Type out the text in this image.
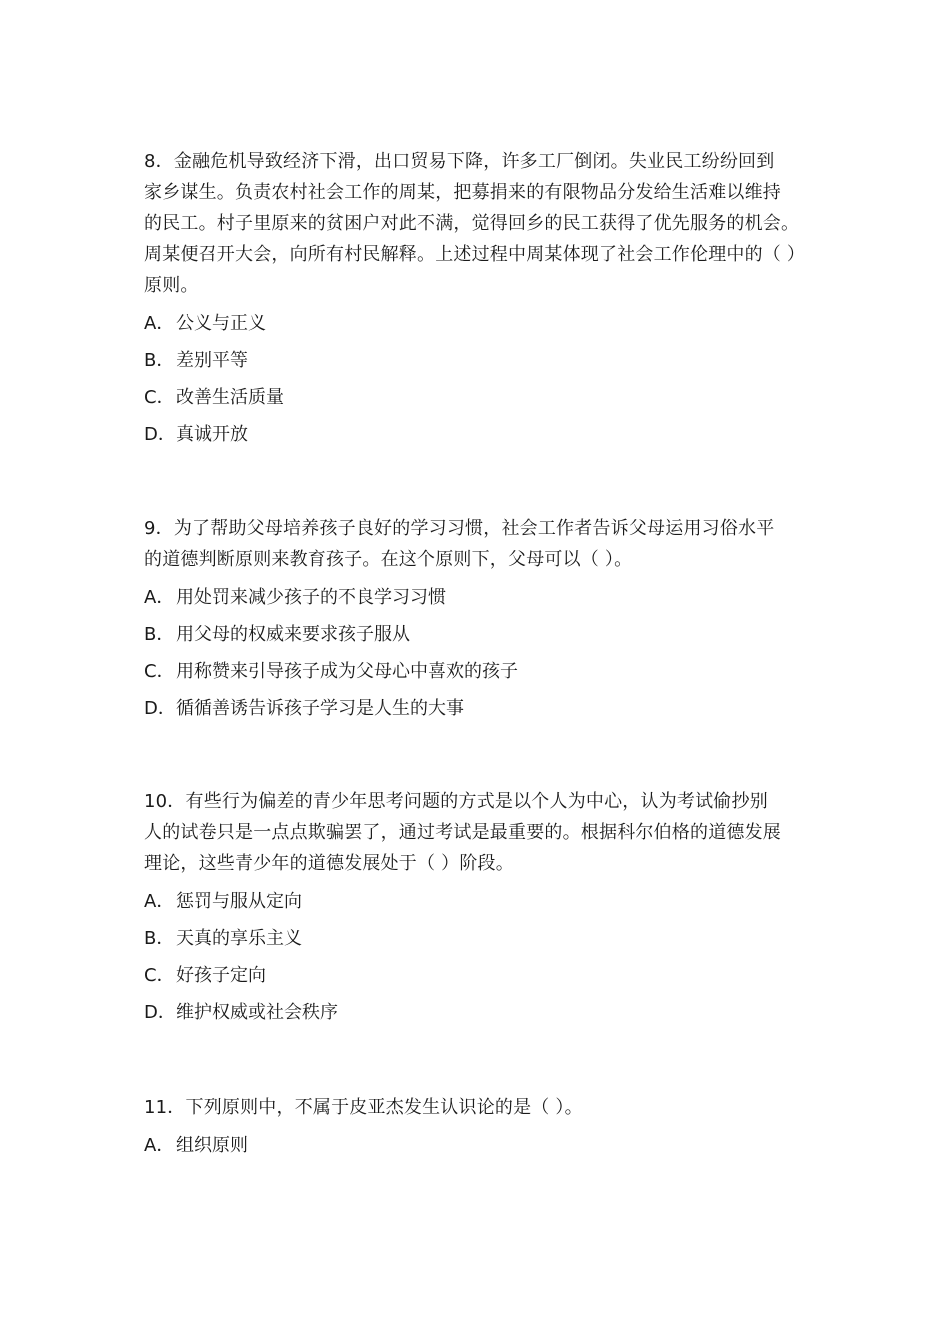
8．金融危机导致经济下滑，出口贸易下降，许多工厂倒闭。失业民工纷纷回到
家乡谋生。负责农村社会工作的周某，把募捐来的有限物品分发给生活难以维持
的民工。村子里原来的贫困户对此不满，觉得回乡的民工获得了优先服务的机会。
周某便召开大会，向所有村民解释。上述过程中周某体现了社会工作伦理中的（ ）
原则。
A．公义与正义
B．差别平等
C．改善生活质量
D．真诚开放
9．为了帮助父母培养孩子良好的学习习惯，社会工作者告诉父母运用习俗水平
的道德判断原则来教育孩子。在这个原则下，父母可以（ ）。
A．用处罚来减少孩子的不良学习习惯
B．用父母的权威来要求孩子服从
C．用称赞来引导孩子成为父母心中喜欢的孩子
D．循循善诱告诉孩子学习是人生的大事
10．有些行为偏差的青少年思考问题的方式是以个人为中心，认为考试偷抄别
人的试卷只是一点点欺骗罢了，通过考试是最重要的。根据科尔伯格的道德发展
理论，这些青少年的道德发展处于（ ）阶段。
A．惩罚与服从定向
B．天真的享乐主义
C．好孩子定向
D．维护权威或社会秩序
11．下列原则中，不属于皮亚杰发生认识论的是（ ）。
A．组织原则
